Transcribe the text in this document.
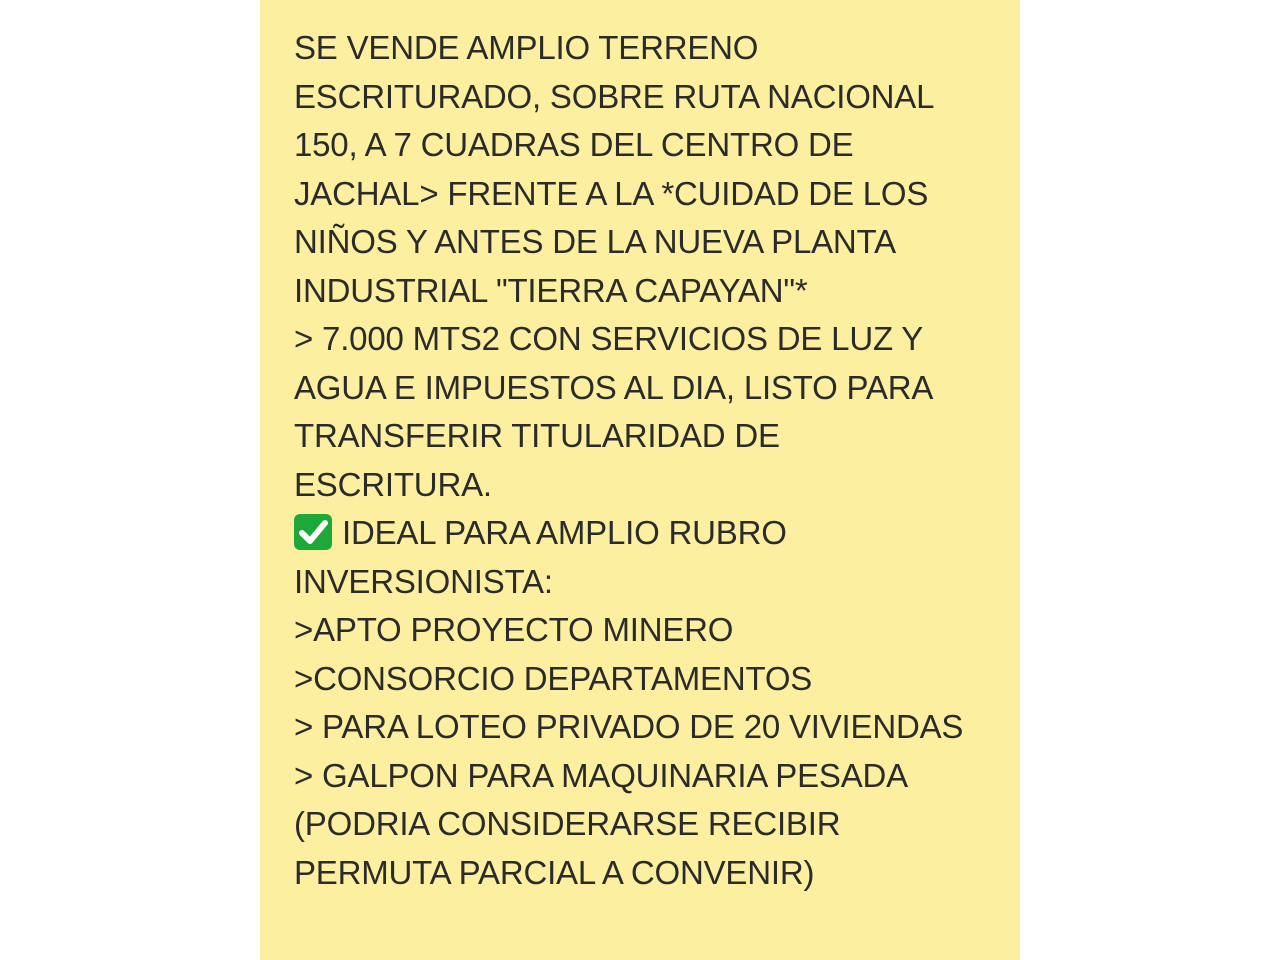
SE VENDE AMPLIO TERRENO
ESCRITURADO, SOBRE RUTA NACIONAL
150, A 7 CUADRAS DEL CENTRO DE
JACHAL> FRENTE A LA *CUIDAD DE LOS
NIÑOS Y ANTES DE LA NUEVA PLANTA
INDUSTRIAL "TIERRA CAPAYAN"*
> 7.000 MTS2 CON SERVICIOS DE LUZ Y
AGUA E IMPUESTOS AL DIA, LISTO PARA
TRANSFERIR TITULARIDAD DE
ESCRITURA.
IDEAL PARA AMPLIO RUBRO
INVERSIONISTA:
>APTO PROYECTO MINERO
>CONSORCIO DEPARTAMENTOS
> PARA LOTEO PRIVADO DE 20 VIVIENDAS
> GALPON PARA MAQUINARIA PESADA
(PODRIA CONSIDERARSE RECIBIR
PERMUTA PARCIAL A CONVENIR)
